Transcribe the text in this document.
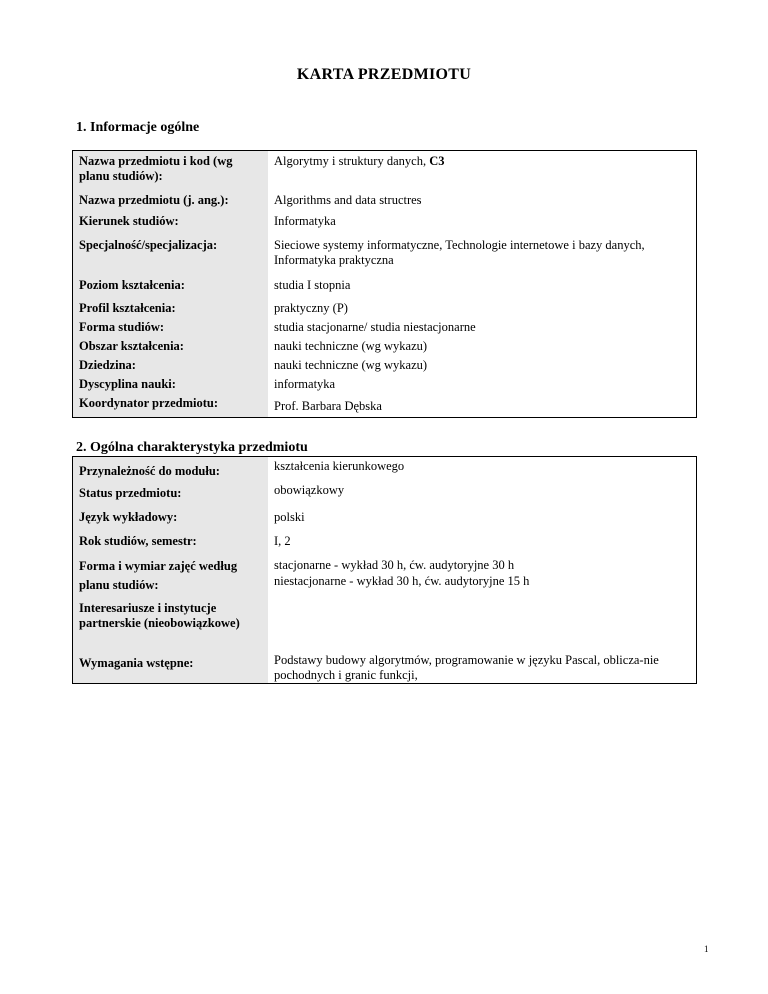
KARTA PRZEDMIOTU
1. Informacje ogólne
Nazwa przedmiotu i kod (wg planu studiów):	Algorytmy i struktury danych, C3
Nazwa przedmiotu (j. ang.):	Algorithms and data structres
Kierunek studiów:	Informatyka
Specjalność/specjalizacja:	Sieciowe systemy informatyczne, Technologie internetowe i bazy danych, Informatyka praktyczna
Poziom kształcenia:	studia I stopnia
Profil kształcenia:	praktyczny (P)
Forma studiów:	studia stacjonarne/ studia niestacjonarne
Obszar kształcenia:	nauki techniczne (wg wykazu)
Dziedzina:	nauki techniczne (wg wykazu)
Dyscyplina nauki:	informatyka
Koordynator przedmiotu:	Prof. Barbara Dębska
2. Ogólna charakterystyka przedmiotu
Przynależność do modułu:	kształcenia kierunkowego
Status przedmiotu:	obowiązkowy
Język wykładowy:	polski
Rok studiów, semestr:	I, 2
Forma i wymiar zajęć według planu studiów:	stacjonarne - wykład 30 h, ćw. audytoryjne 30 h
niestacjonarne - wykład 30 h, ćw. audytoryjne 15 h

Interesariusze i instytucje partnerskie (nieobowiązkowe)	
Wymagania wstępne:	Podstawy budowy algorytmów, programowanie w języku Pascal, oblicza-nie pochodnych i granic funkcji,
1
